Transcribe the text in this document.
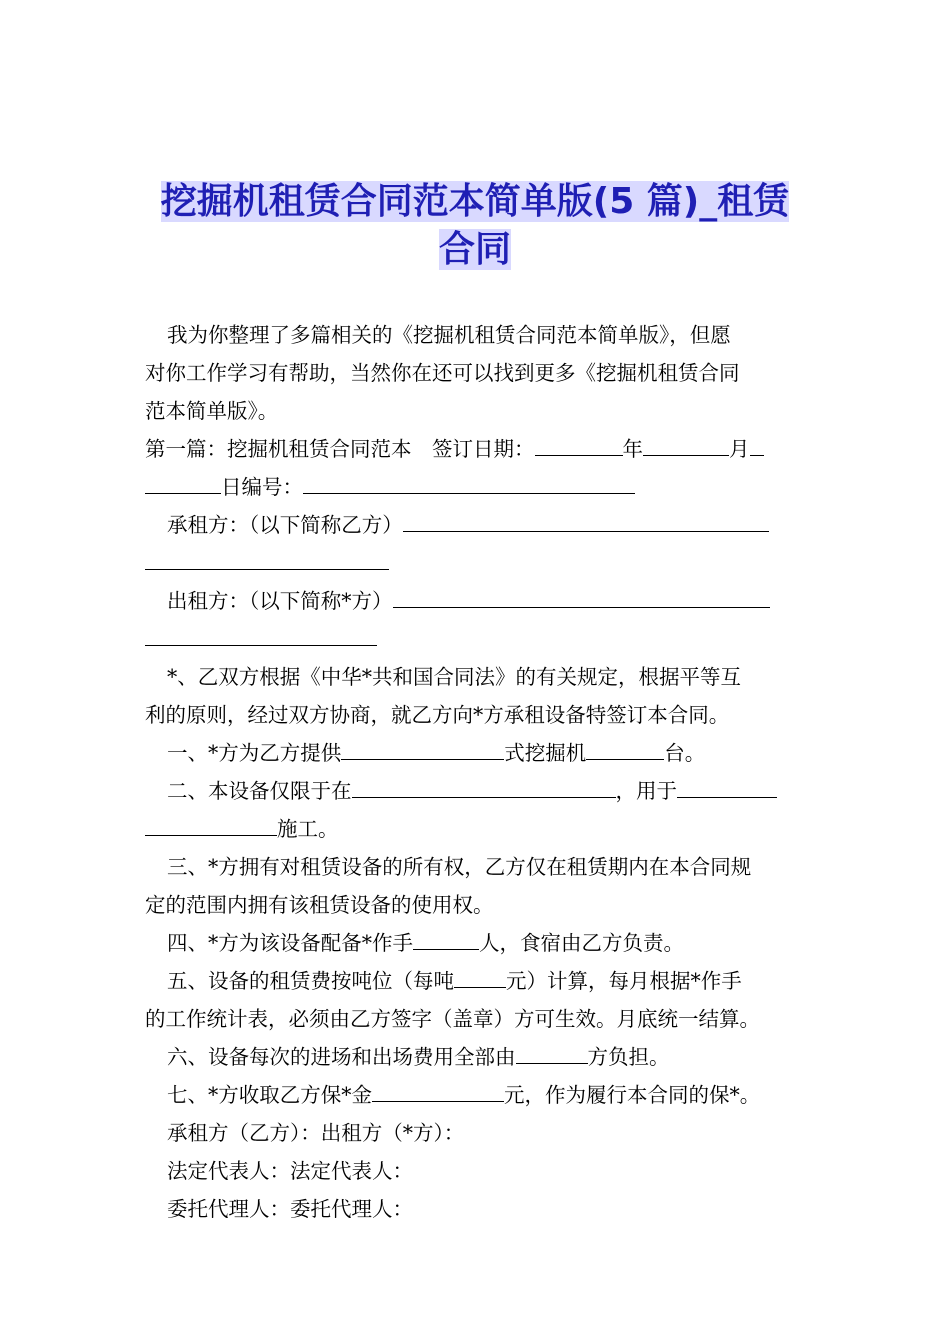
挖掘机租赁合同范本简单版(5 篇)_租赁
合同

我为你整理了多篇相关的《挖掘机租赁合同范本简单版》，但愿

对你工作学习有帮助，当然你在还可以找到更多《挖掘机租赁合同

范本简单版》。

第一篇：挖掘机租赁合同范本　签订日期：	年	月

日编号：

承租方：（以下简称乙方）

出租方：（以下简称*方）

*、乙双方根据《中华*共和国合同法》的有关规定，根据平等互

利的原则，经过双方协商，就乙方向*方承租设备特签订本合同。

一、*方为乙方提供	式挖掘机	台。

二、本设备仅限于在	，用于

施工。

三、*方拥有对租赁设备的所有权，乙方仅在租赁期内在本合同规

定的范围内拥有该租赁设备的使用权。

四、*方为该设备配备*作手	人，食宿由乙方负责。

五、设备的租赁费按吨位（每吨	元）计算，每月根据*作手

的工作统计表，必须由乙方签字（盖章）方可生效。月底统一结算。

六、设备每次的进场和出场费用全部由	方负担。

七、*方收取乙方保*金	元，作为履行本合同的保*。

承租方（乙方）：出租方（*方）：

法定代表人：法定代表人：

委托代理人：委托代理人：
